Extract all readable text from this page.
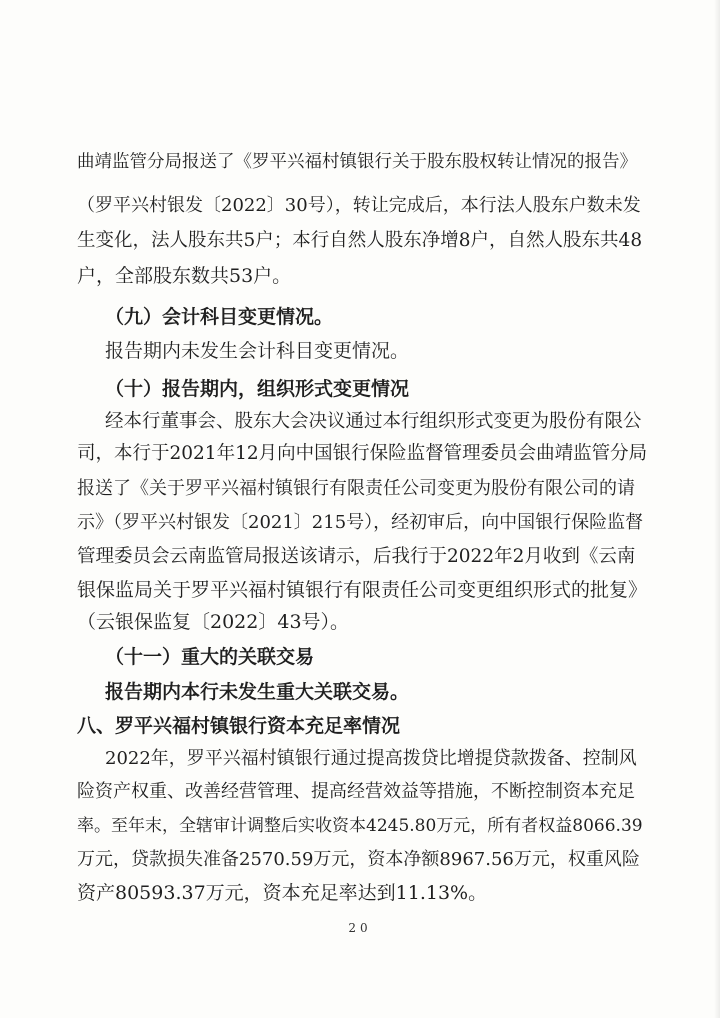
曲靖监管分局报送了《罗平兴福村镇银行关于股东股权转让情况的报告》
（罗平兴村银发〔2022〕30号），转让完成后，本行法人股东户数未发
生变化，法人股东共5户；本行自然人股东净增8户，自然人股东共48
户，全部股东数共53户。
（九）会计科目变更情况。
报告期内未发生会计科目变更情况。
（十）报告期内，组织形式变更情况
经本行董事会、股东大会决议通过本行组织形式变更为股份有限公
司，本行于2021年12月向中国银行保险监督管理委员会曲靖监管分局
报送了《关于罗平兴福村镇银行有限责任公司变更为股份有限公司的请
示》（罗平兴村银发〔2021〕215号），经初审后，向中国银行保险监督
管理委员会云南监管局报送该请示，后我行于2022年2月收到《云南
银保监局关于罗平兴福村镇银行有限责任公司变更组织形式的批复》
（云银保监复〔2022〕43号）。
（十一）重大的关联交易
报告期内本行未发生重大关联交易。
八、罗平兴福村镇银行资本充足率情况
2022年，罗平兴福村镇银行通过提高拨贷比增提贷款拨备、控制风
险资产权重、改善经营管理、提高经营效益等措施，不断控制资本充足
率。至年末，全辖审计调整后实收资本4245.80万元，所有者权益8066.39
万元，贷款损失准备2570.59万元，资本净额8967.56万元，权重风险
资产80593.37万元，资本充足率达到11.13%。
20
